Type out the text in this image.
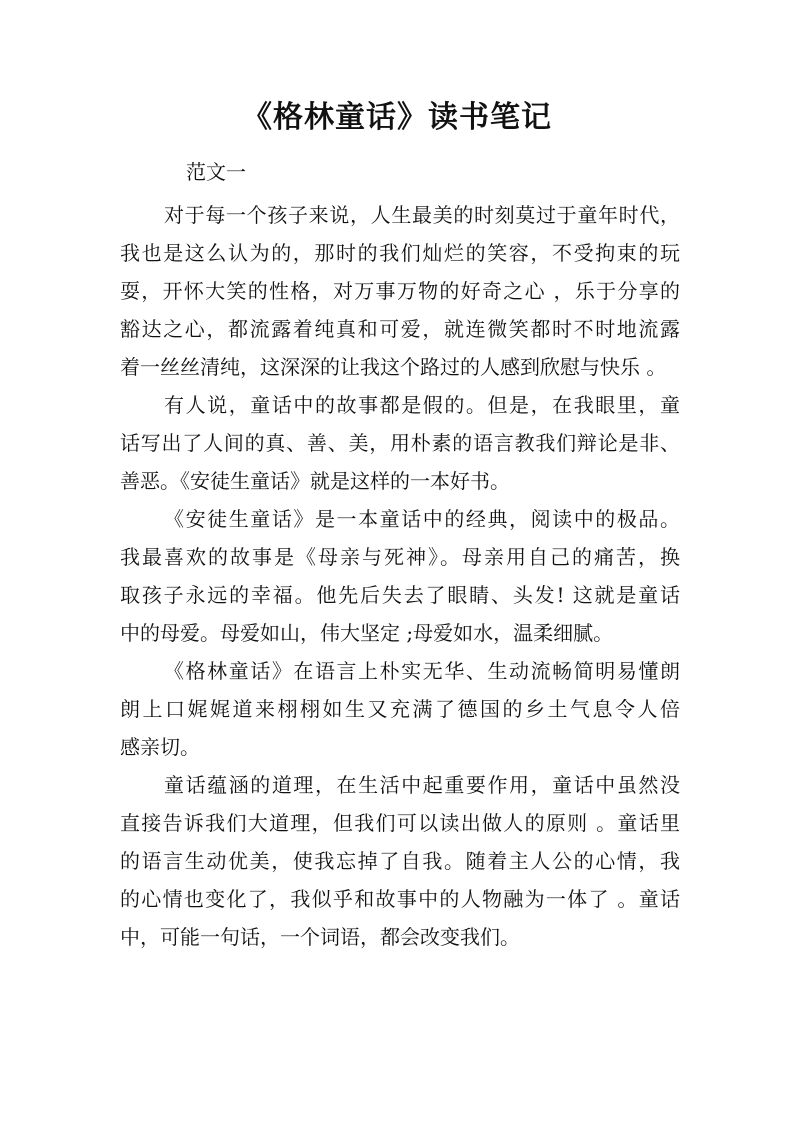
《格林童话》读书笔记

范文一

对于每一个孩子来说，人生最美的时刻莫过于童年时代，
我也是这么认为的，那时的我们灿烂的笑容，不受拘束的玩
耍，开怀大笑的性格，对万事万物的好奇之心 ，乐于分享的
豁达之心，都流露着纯真和可爱，就连微笑都时不时地流露
着一丝丝清纯，这深深的让我这个路过的人感到欣慰与快乐 。
有人说，童话中的故事都是假的。但是，在我眼里，童
话写出了人间的真、善、美，用朴素的语言教我们辩论是非、
善恶。《安徒生童话》就是这样的一本好书。
《安徒生童话》是一本童话中的经典，阅读中的极品。
我最喜欢的故事是《母亲与死神》。母亲用自己的痛苦，换
取孩子永远的幸福。他先后失去了眼睛、头发! 这就是童话
中的母爱。母爱如山，伟大坚定 ;母爱如水，温柔细腻。
《格林童话》在语言上朴实无华、生动流畅简明易懂朗
朗上口娓娓道来栩栩如生又充满了德国的乡土气息令人倍
感亲切。
童话蕴涵的道理，在生活中起重要作用，童话中虽然没
直接告诉我们大道理，但我们可以读出做人的原则 。童话里
的语言生动优美，使我忘掉了自我。随着主人公的心情，我
的心情也变化了，我似乎和故事中的人物融为一体了 。童话
中，可能一句话，一个词语，都会改变我们。
